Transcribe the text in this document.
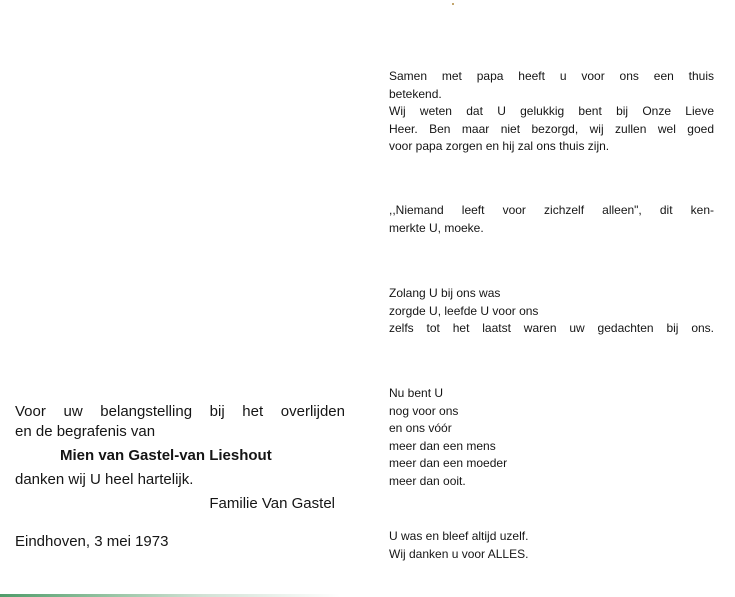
Voor uw belangstelling bij het overlijden

en de begrafenis van

Mien van Gastel-van Lieshout

danken wij U heel hartelijk.

Familie Van Gastel

Eindhoven, 3 mei 1973

Samen met papa heeft u voor ons een thuis

betekend.

Wij weten dat U gelukkig bent bij Onze Lieve

Heer. Ben maar niet bezorgd, wij zullen wel goed

voor papa zorgen en hij zal ons thuis zijn.

,,Niemand leeft voor zichzelf alleen", dit ken-

merkte U, moeke.

Zolang U bij ons was

zorgde U, leefde U voor ons

zelfs tot het laatst waren uw gedachten bij ons.

Nu bent U

nog voor ons

en ons vóór

meer dan een mens

meer dan een moeder

meer dan ooit.

U was en bleef altijd uzelf.

Wij danken u voor ALLES.
